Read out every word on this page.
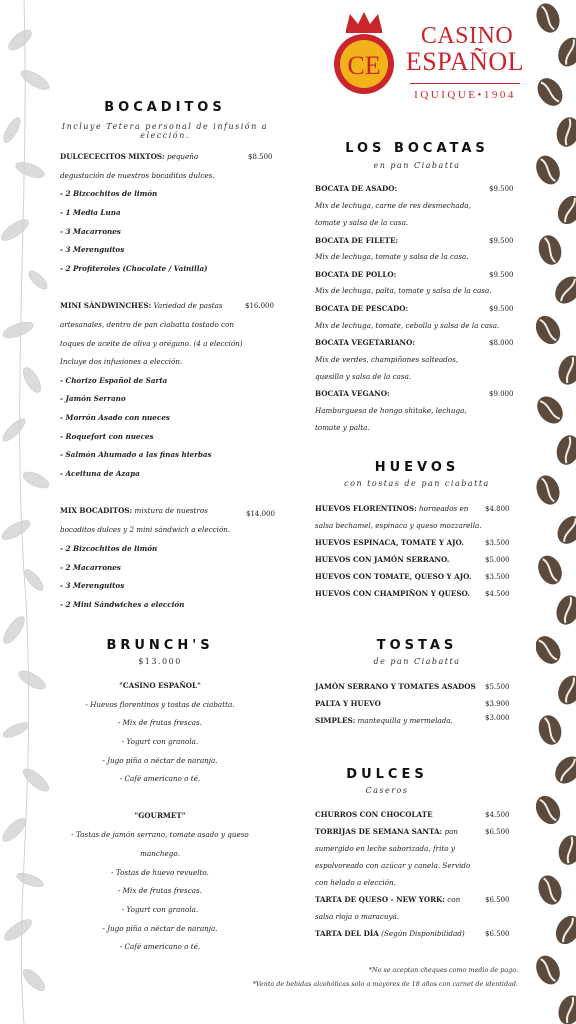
CE
CASINO
ESPAÑOL
IQUIQUE•1904
BOCADITOS
Incluye Tetera personal de infusión a elección.
DULCECECITOS MIXTOS: pequeña	$8.500
degustación de nuestros bocaditos dulces.
- 2 Bizcochitos de limón
- 1 Media Luna
- 3 Macarrones
- 3 Merenguitos
- 2 Profiteroles (Chocolate / Vainilla)
MINI SÁNDWINCHES: Variedad de pastas	$16.000
artesanales, dentro de pan ciabatta tostado con
toques de aceite de oliva y orégano. (4 a elección)
Incluye dos infusiones a elección.
- Chorizo Español de Sarta
- Jamón Serrano
- Morrón Asado con nueces
- Roquefort con nueces
- Salmón Ahumado a las finas hierbas
- Aceituna de Azapa
MIX BOCADITOS: mixtura de nuestros	$14.000
bocaditos dulces y 2 mini sándwich a elección.
- 2 Bizcochitos de limón
- 2 Macarrones
- 3 Merenguitos
- 2 Mini Sándwiches a elección
BRUNCH'S
$13.000
"CASINO ESPAÑOL"
- Huevos florentinos y tostas de ciabatta.
- Mix de frutas frescas.
- Yogurt con granola.
- Jugo piña o néctar de naranja.
- Café americano o té.
"GOURMET"
- Tostas de jamón serrano, tomate asado y queso
manchego.
- Tostas de huevo revuelto.
- Mix de frutas frescas.
- Yogurt con granola.
- Jugo piña o néctar de naranja.
- Café americano o té.
LOS BOCATAS
en pan Ciabatta
BOCATA DE ASADO:	$9.500
Mix de lechuga, carne de res desmechada,
tomate y salsa de la casa.
BOCATA DE FILETE:	$9.500
Mix de lechuga, tomate y salsa de la casa.
BOCATA DE POLLO:	$9.500
Mix de lechuga, palta, tomate y salsa de la casa.
BOCATA DE PESCADO:	$9.500
Mix de lechuga, tomate, cebolla y salsa de la casa.
BOCATA VEGETARIANO:	$8.000
Mix de verdes, champiñones salteados,
quesillo y salsa de la casa.
BOCATA VEGANO:	$9.000
Hamburguesa de hongo shitake, lechuga,
tomate y palta.
HUEVOS
con tostas de pan ciabatta
HUEVOS FLORENTINOS: horneados en $4.800
salsa bechamel, espinaca y queso mozzarella.
HUEVOS ESPINACA, TOMATE Y AJO.	$3.500
HUEVOS CON JAMÓN SERRANO.	$5.000
HUEVOS CON TOMATE, QUESO Y AJO. $3.500
HUEVOS CON CHAMPIÑON Y QUESO. $4.500
TOSTAS
de pan Ciabatta
JAMÓN SERRANO Y TOMATES ASADOS $5.500
PALTA Y HUEVO	$3.900
SIMPLES: mantequilla y mermelada.	$3.000
DULCES
Caseros
CHURROS CON CHOCOLATE	$4.500
TORRIJAS DE SEMANA SANTA: pan	$6.500
sumergido en leche saborizada, frito y
espolvoreado con azúcar y canela. Servido
con helado a elección.
TARTA DE QUESO - NEW YORK: con	$6.500
salsa rioja o maracuyá.
TARTA DEL DÍA (Según Disponibilidad)	$6.500
*No se aceptan cheques como medio de pago.
*Venta de bebidas alcohólicas solo a mayores de 18 años con carnet de identidad.
